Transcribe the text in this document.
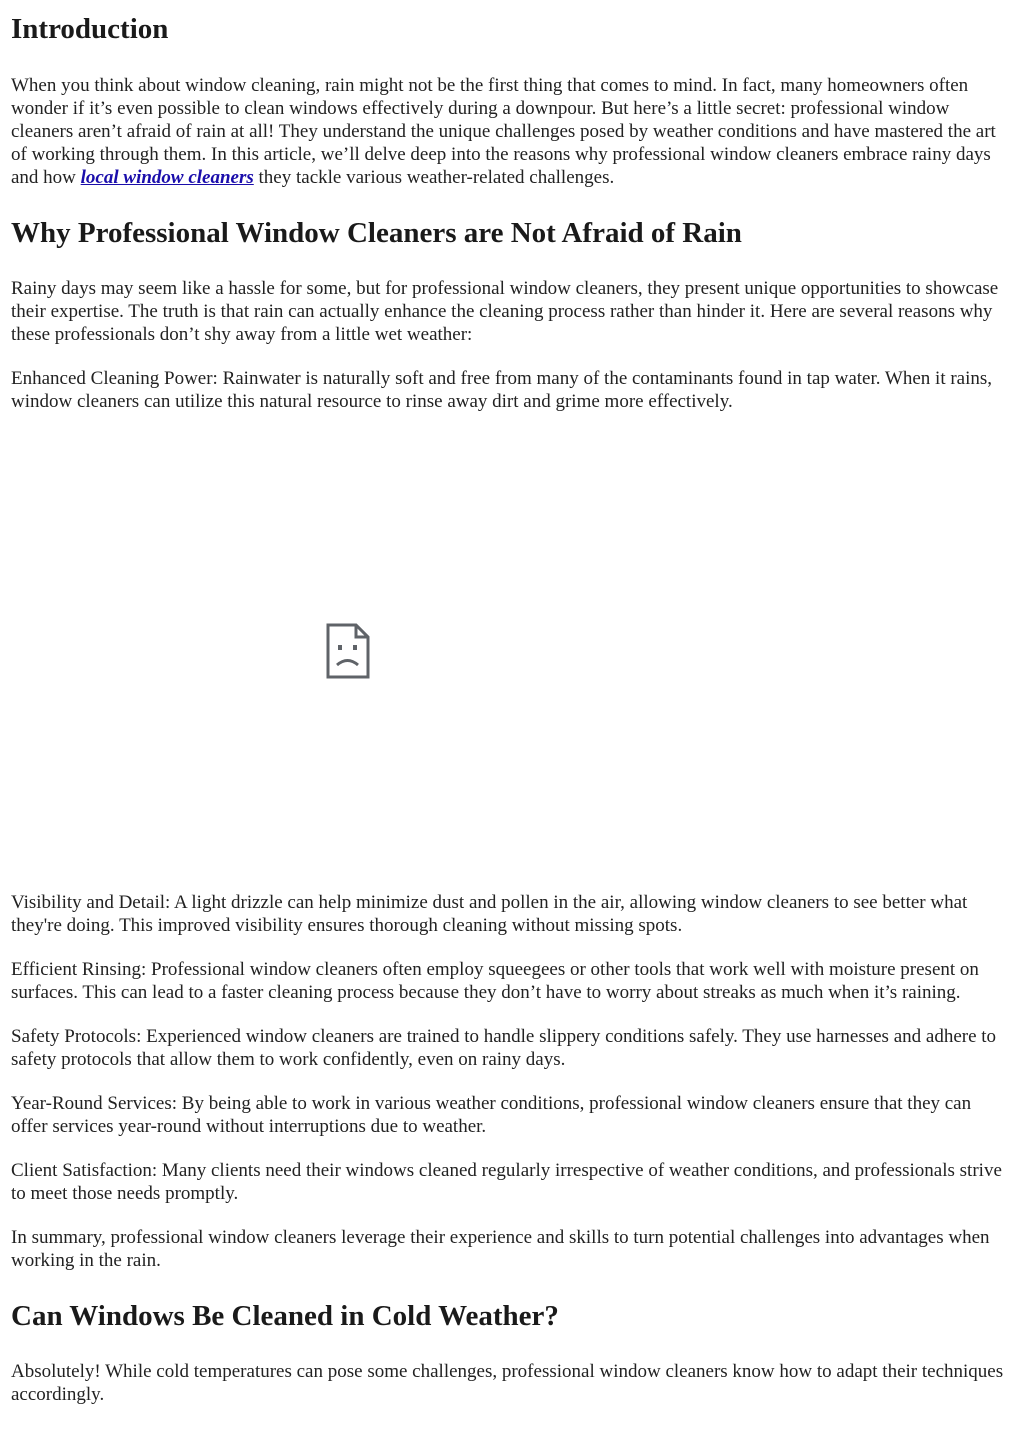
Introduction

When you think about window cleaning, rain might not be the first thing that comes to mind. In fact, many homeowners often wonder if it’s even possible to clean windows effectively during a downpour. But here’s a little secret: professional window cleaners aren’t afraid of rain at all! They understand the unique challenges posed by weather conditions and have mastered the art of working through them. In this article, we’ll delve deep into the reasons why professional window cleaners embrace rainy days and how local window cleaners they tackle various weather-related challenges.

Why Professional Window Cleaners are Not Afraid of Rain

Rainy days may seem like a hassle for some, but for professional window cleaners, they present unique opportunities to showcase their expertise. The truth is that rain can actually enhance the cleaning process rather than hinder it. Here are several reasons why these professionals don’t shy away from a little wet weather:

Enhanced Cleaning Power: Rainwater is naturally soft and free from many of the contaminants found in tap water. When it rains, window cleaners can utilize this natural resource to rinse away dirt and grime more effectively.

Visibility and Detail: A light drizzle can help minimize dust and pollen in the air, allowing window cleaners to see better what they're doing. This improved visibility ensures thorough cleaning without missing spots.

Efficient Rinsing: Professional window cleaners often employ squeegees or other tools that work well with moisture present on surfaces. This can lead to a faster cleaning process because they don’t have to worry about streaks as much when it’s raining.

Safety Protocols: Experienced window cleaners are trained to handle slippery conditions safely. They use harnesses and adhere to safety protocols that allow them to work confidently, even on rainy days.

Year-Round Services: By being able to work in various weather conditions, professional window cleaners ensure that they can offer services year-round without interruptions due to weather.

Client Satisfaction: Many clients need their windows cleaned regularly irrespective of weather conditions, and professionals strive to meet those needs promptly.

In summary, professional window cleaners leverage their experience and skills to turn potential challenges into advantages when working in the rain.

Can Windows Be Cleaned in Cold Weather?

Absolutely! While cold temperatures can pose some challenges, professional window cleaners know how to adapt their techniques accordingly.
